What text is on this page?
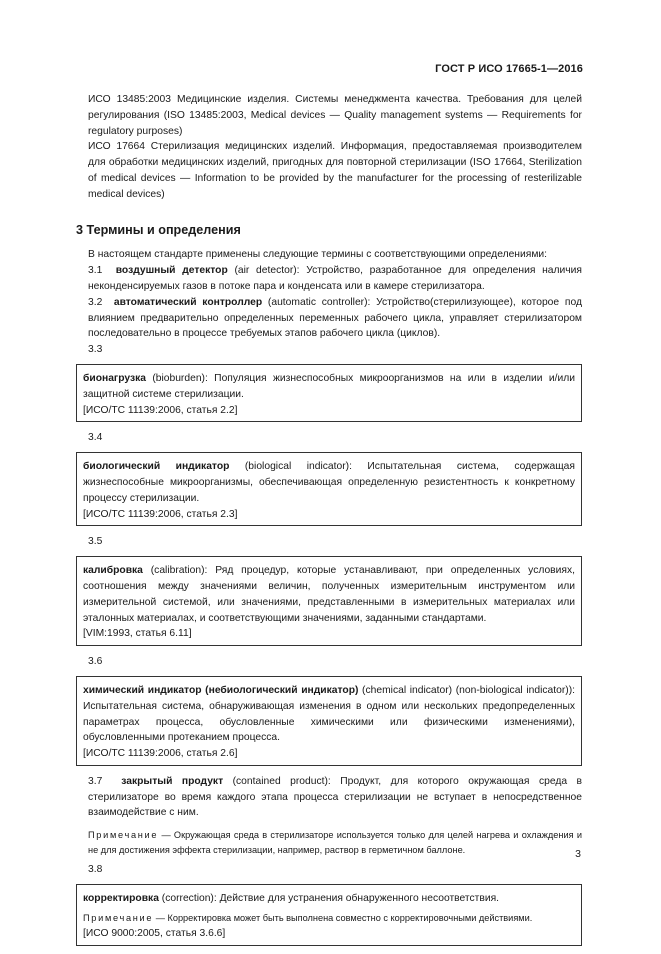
ГОСТ Р ИСО 17665-1—2016

ИСО 13485:2003 Медицинские изделия. Системы менеджмента качества. Требования для целей регулирования (ISO 13485:2003, Medical devices — Quality management systems — Requirements for regulatory purposes)

ИСО 17664 Стерилизация медицинских изделий. Информация, предоставляемая производителем для обработки медицинских изделий, пригодных для повторной стерилизации (ISO 17664, Sterilization of medical devices — Information to be provided by the manufacturer for the processing of resterilizable medical devices)

3 Термины и определения

В настоящем стандарте применены следующие термины с соответствующими определениями:

3.1 воздушный детектор (air detector): Устройство, разработанное для определения наличия неконденсируемых газов в потоке пара и конденсата или в камере стерилизатора.

3.2 автоматический контроллер (automatic controller): Устройство(стерилизующее), которое под влиянием предварительно определенных переменных рабочего цикла, управляет стерилизатором последовательно в процессе требуемых этапов рабочего цикла (циклов).

3.3

бионагрузка (bioburden): Популяция жизнеспособных микроорганизмов на или в изделии и/или защитной системе стерилизации.

[ИСО/ТС 11139:2006, статья 2.2]

3.4

биологический индикатор (biological indicator): Испытательная система, содержащая жизнеспособные микроорганизмы, обеспечивающая определенную резистентность к конкретному процессу стерилизации.

[ИСО/ТС 11139:2006, статья 2.3]

3.5

калибровка (calibration): Ряд процедур, которые устанавливают, при определенных условиях, соотношения между значениями величин, полученных измерительным инструментом или измерительной системой, или значениями, представленными в измерительных материалах или эталонных материалах, и соответствующими значениями, заданными стандартами.

[VIM:1993, статья 6.11]

3.6

химический индикатор (небиологический индикатор) (chemical indicator) (non-biological indicator)): Испытательная система, обнаруживающая изменения в одном или нескольких предопределенных параметрах процесса, обусловленные химическими или физическими изменениями), обусловленными протеканием процесса.

[ИСО/ТС 11139:2006, статья 2.6]

3.7 закрытый продукт (contained product): Продукт, для которого окружающая среда в стерилизаторе во время каждого этапа процесса стерилизации не вступает в непосредственное взаимодействие с ним.

Примечание — Окружающая среда в стерилизаторе используется только для целей нагрева и охлаждения и не для достижения эффекта стерилизации, например, раствор в герметичном баллоне.

3.8

корректировка (correction): Действие для устранения обнаруженного несоответствия.

Примечание — Корректировка может быть выполнена совместно с корректировочными действиями.

[ИСО 9000:2005, статья 3.6.6]

3
